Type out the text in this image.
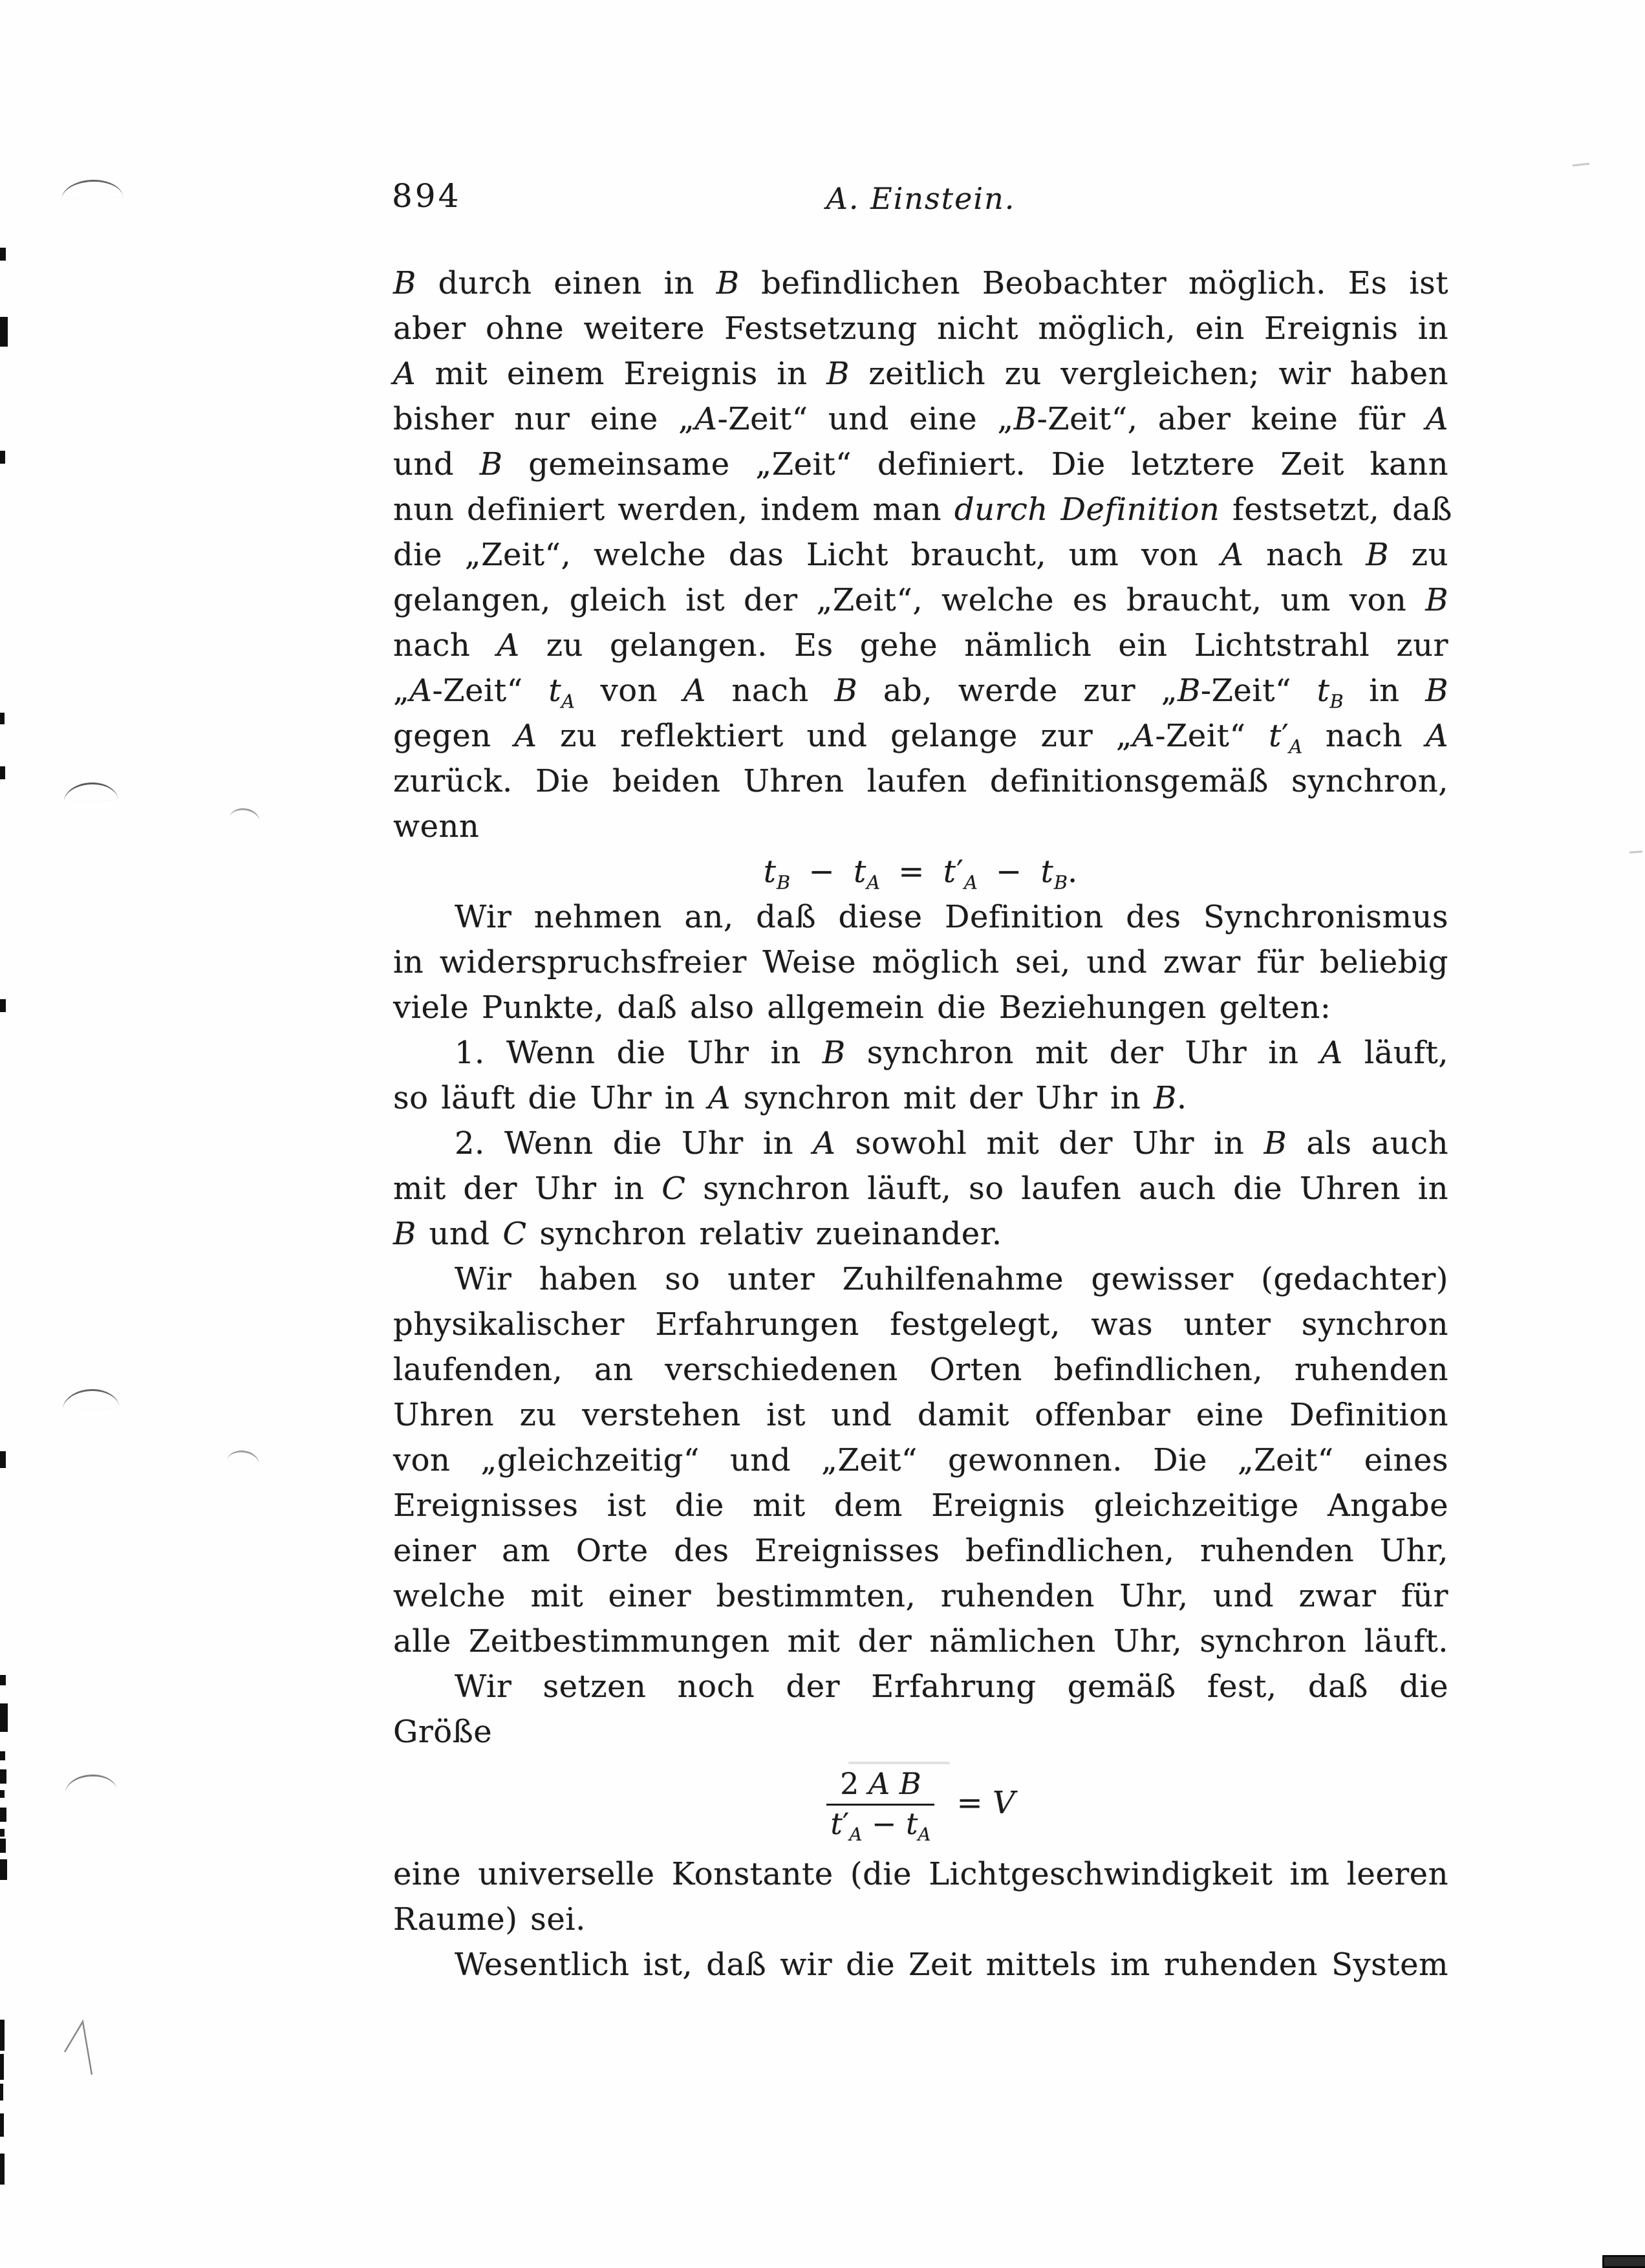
894	A. Einstein.
B durch einen in B befindlichen Beobachter möglich. Es ist
aber ohne weitere Festsetzung nicht möglich, ein Ereignis in
A mit einem Ereignis in B zeitlich zu vergleichen; wir haben
bisher nur eine „A-Zeit“ und eine „B-Zeit“, aber keine für A
und B gemeinsame „Zeit“ definiert. Die letztere Zeit kann
nun definiert werden, indem man durch Definition festsetzt, daß
die „Zeit“, welche das Licht braucht, um von A nach B zu
gelangen, gleich ist der „Zeit“, welche es braucht, um von B
nach A zu gelangen. Es gehe nämlich ein Lichtstrahl zur
„A-Zeit“ $t_A$ von A nach B ab, werde zur „B-Zeit“ $t_B$ in B
gegen A zu reflektiert und gelange zur „A-Zeit“ $t'_A$ nach A
zurück. Die beiden Uhren laufen definitionsgemäß synchron,
wenn
$t_B - t_A = t'_A - t_B$.
Wir nehmen an, daß diese Definition des Synchronismus
in widerspruchsfreier Weise möglich sei, und zwar für beliebig
viele Punkte, daß also allgemein die Beziehungen gelten:
1. Wenn die Uhr in B synchron mit der Uhr in A läuft,
so läuft die Uhr in A synchron mit der Uhr in B.
2. Wenn die Uhr in A sowohl mit der Uhr in B als auch
mit der Uhr in C synchron läuft, so laufen auch die Uhren in
B und C synchron relativ zueinander.
Wir haben so unter Zuhilfenahme gewisser (gedachter)
physikalischer Erfahrungen festgelegt, was unter synchron
laufenden, an verschiedenen Orten befindlichen, ruhenden
Uhren zu verstehen ist und damit offenbar eine Definition
von „gleichzeitig“ und „Zeit“ gewonnen. Die „Zeit“ eines
Ereignisses ist die mit dem Ereignis gleichzeitige Angabe
einer am Orte des Ereignisses befindlichen, ruhenden Uhr,
welche mit einer bestimmten, ruhenden Uhr, und zwar für
alle Zeitbestimmungen mit der nämlichen Uhr, synchron läuft.
Wir setzen noch der Erfahrung gemäß fest, daß die
Größe
$\frac{\text{2 A B}}{t'_A - t_A} = V$
eine universelle Konstante (die Lichtgeschwindigkeit im leeren
Raume) sei.
Wesentlich ist, daß wir die Zeit mittels im ruhenden System
